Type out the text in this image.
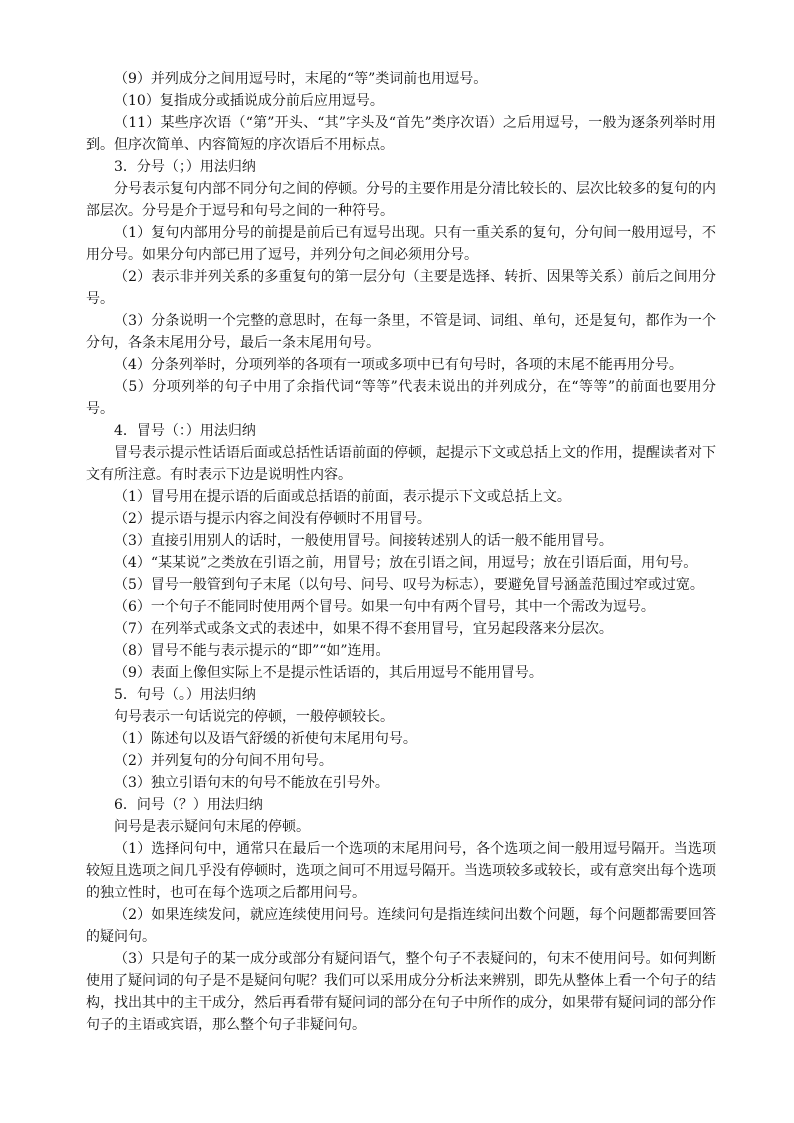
（9）并列成分之间用逗号时，末尾的“等”类词前也用逗号。

（10）复指成分或插说成分前后应用逗号。

（11）某些序次语（“第”开头、“其”字头及“首先”类序次语）之后用逗号，一般为逐条列举时用到。但序次简单、内容简短的序次语后不用标点。

3．分号（；）用法归纳

分号表示复句内部不同分句之间的停顿。分号的主要作用是分清比较长的、层次比较多的复句的内部层次。分号是介于逗号和句号之间的一种符号。

（1）复句内部用分号的前提是前后已有逗号出现。只有一重关系的复句，分句间一般用逗号，不用分号。如果分句内部已用了逗号，并列分句之间必须用分号。

（2）表示非并列关系的多重复句的第一层分句（主要是选择、转折、因果等关系）前后之间用分号。

（3）分条说明一个完整的意思时，在每一条里，不管是词、词组、单句，还是复句，都作为一个分句，各条末尾用分号，最后一条末尾用句号。

（4）分条列举时，分项列举的各项有一项或多项中已有句号时，各项的末尾不能再用分号。

（5）分项列举的句子中用了余指代词“等等”代表未说出的并列成分，在“等等”的前面也要用分号。

4．冒号（：）用法归纳

冒号表示提示性话语后面或总括性话语前面的停顿，起提示下文或总括上文的作用，提醒读者对下文有所注意。有时表示下边是说明性内容。

（1）冒号用在提示语的后面或总括语的前面，表示提示下文或总括上文。

（2）提示语与提示内容之间没有停顿时不用冒号。

（3）直接引用别人的话时，一般使用冒号。间接转述别人的话一般不能用冒号。

（4）“某某说”之类放在引语之前，用冒号；放在引语之间，用逗号；放在引语后面，用句号。

（5）冒号一般管到句子末尾（以句号、问号、叹号为标志），要避免冒号涵盖范围过窄或过宽。

（6）一个句子不能同时使用两个冒号。如果一句中有两个冒号，其中一个需改为逗号。

（7）在列举式或条文式的表述中，如果不得不套用冒号，宜另起段落来分层次。

（8）冒号不能与表示提示的“即”“如”连用。

（9）表面上像但实际上不是提示性话语的，其后用逗号不能用冒号。

5．句号（。）用法归纳

句号表示一句话说完的停顿，一般停顿较长。

（1）陈述句以及语气舒缓的祈使句末尾用句号。

（2）并列复句的分句间不用句号。

（3）独立引语句末的句号不能放在引号外。

6．问号（？）用法归纳

问号是表示疑问句末尾的停顿。

（1）选择问句中，通常只在最后一个选项的末尾用问号，各个选项之间一般用逗号隔开。当选项较短且选项之间几乎没有停顿时，选项之间可不用逗号隔开。当选项较多或较长，或有意突出每个选项的独立性时，也可在每个选项之后都用问号。

（2）如果连续发问，就应连续使用问号。连续问句是指连续问出数个问题，每个问题都需要回答的疑问句。

（3）只是句子的某一成分或部分有疑问语气，整个句子不表疑问的，句末不使用问号。如何判断使用了疑问词的句子是不是疑问句呢？我们可以采用成分分析法来辨别，即先从整体上看一个句子的结构，找出其中的主干成分，然后再看带有疑问词的部分在句子中所作的成分，如果带有疑问词的部分作句子的主语或宾语，那么整个句子非疑问句。
